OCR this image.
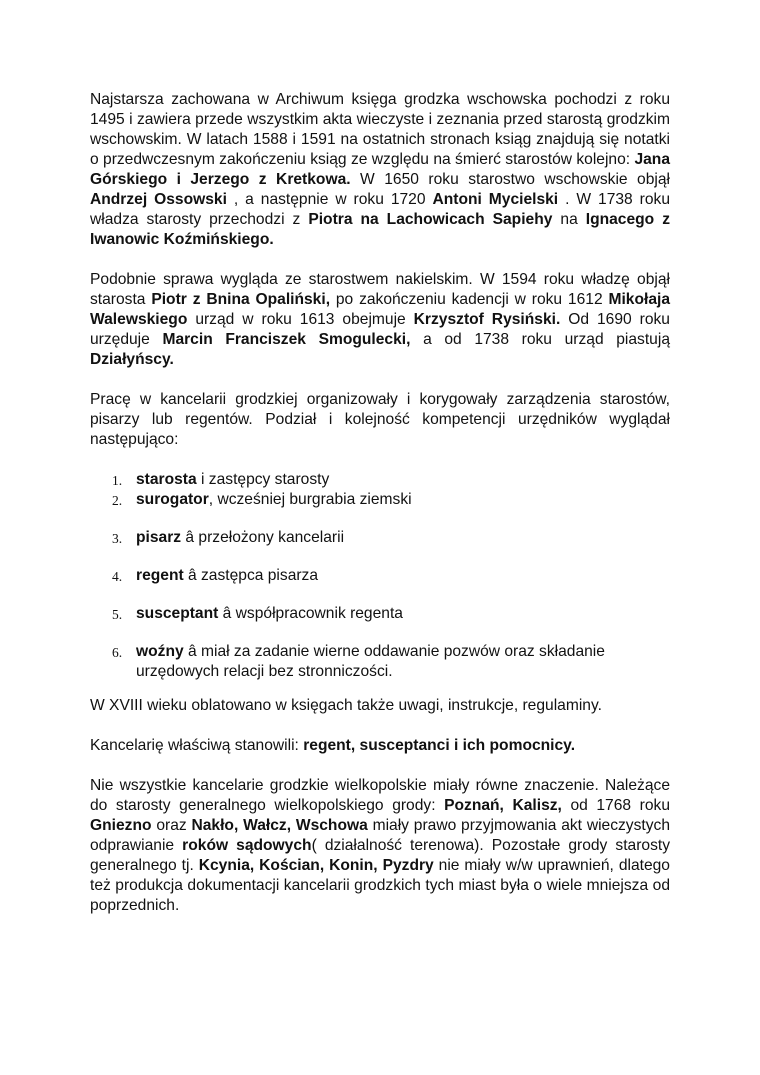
Najstarsza zachowana w Archiwum księga grodzka wschowska pochodzi z roku 1495 i zawiera przede wszystkim akta wieczyste i zeznania przed starostą grodzkim wschowskim. W latach 1588 i 1591 na ostatnich stronach ksiąg znajdują się notatki o przedwczesnym zakończeniu ksiąg ze względu na śmierć starostów kolejno: Jana Górskiego i Jerzego z Kretkowa. W 1650 roku starostwo wschowskie objął Andrzej Ossowski , a następnie w roku 1720 Antoni Mycielski . W 1738 roku władza starosty przechodzi z Piotra na Lachowicach Sapiehy na Ignacego z Iwanowic Koźmińskiego.

Podobnie sprawa wygląda ze starostwem nakielskim. W 1594 roku władzę objął starosta Piotr z Bnina Opaliński, po zakończeniu kadencji w roku 1612 Mikołaja Walewskiego urząd w roku 1613 obejmuje Krzysztof Rysiński. Od 1690 roku urzęduje Marcin Franciszek Smogulecki, a od 1738 roku urząd piastują Działyńscy.

Pracę w kancelarii grodzkiej organizowały i korygowały zarządzenia starostów, pisarzy lub regentów. Podział i kolejność kompetencji urzędników wyglądał następująco:

1. starosta i zastępcy starosty
2. surogator, wcześniej burgrabia ziemski
3. pisarz â przełożony kancelarii
4. regent â zastępca pisarza
5. susceptant â współpracownik regenta
6. woźny â miał za zadanie wierne oddawanie pozwów oraz składanie urzędowych relacji bez stronniczości.

W XVIII wieku oblatowano w księgach także uwagi, instrukcje, regulaminy.

Kancelarię właściwą stanowili: regent, susceptanci i ich pomocnicy.

Nie wszystkie kancelarie grodzkie wielkopolskie miały równe znaczenie. Należące do starosty generalnego wielkopolskiego grody: Poznań, Kalisz, od 1768 roku Gniezno oraz Nakło, Wałcz, Wschowa miały prawo przyjmowania akt wieczystych odprawianie roków sądowych( działalność terenowa). Pozostałe grody starosty generalnego tj. Kcynia, Kościan, Konin, Pyzdry nie miały w/w uprawnień, dlatego też produkcja dokumentacji kancelarii grodzkich tych miast była o wiele mniejsza od poprzednich.
